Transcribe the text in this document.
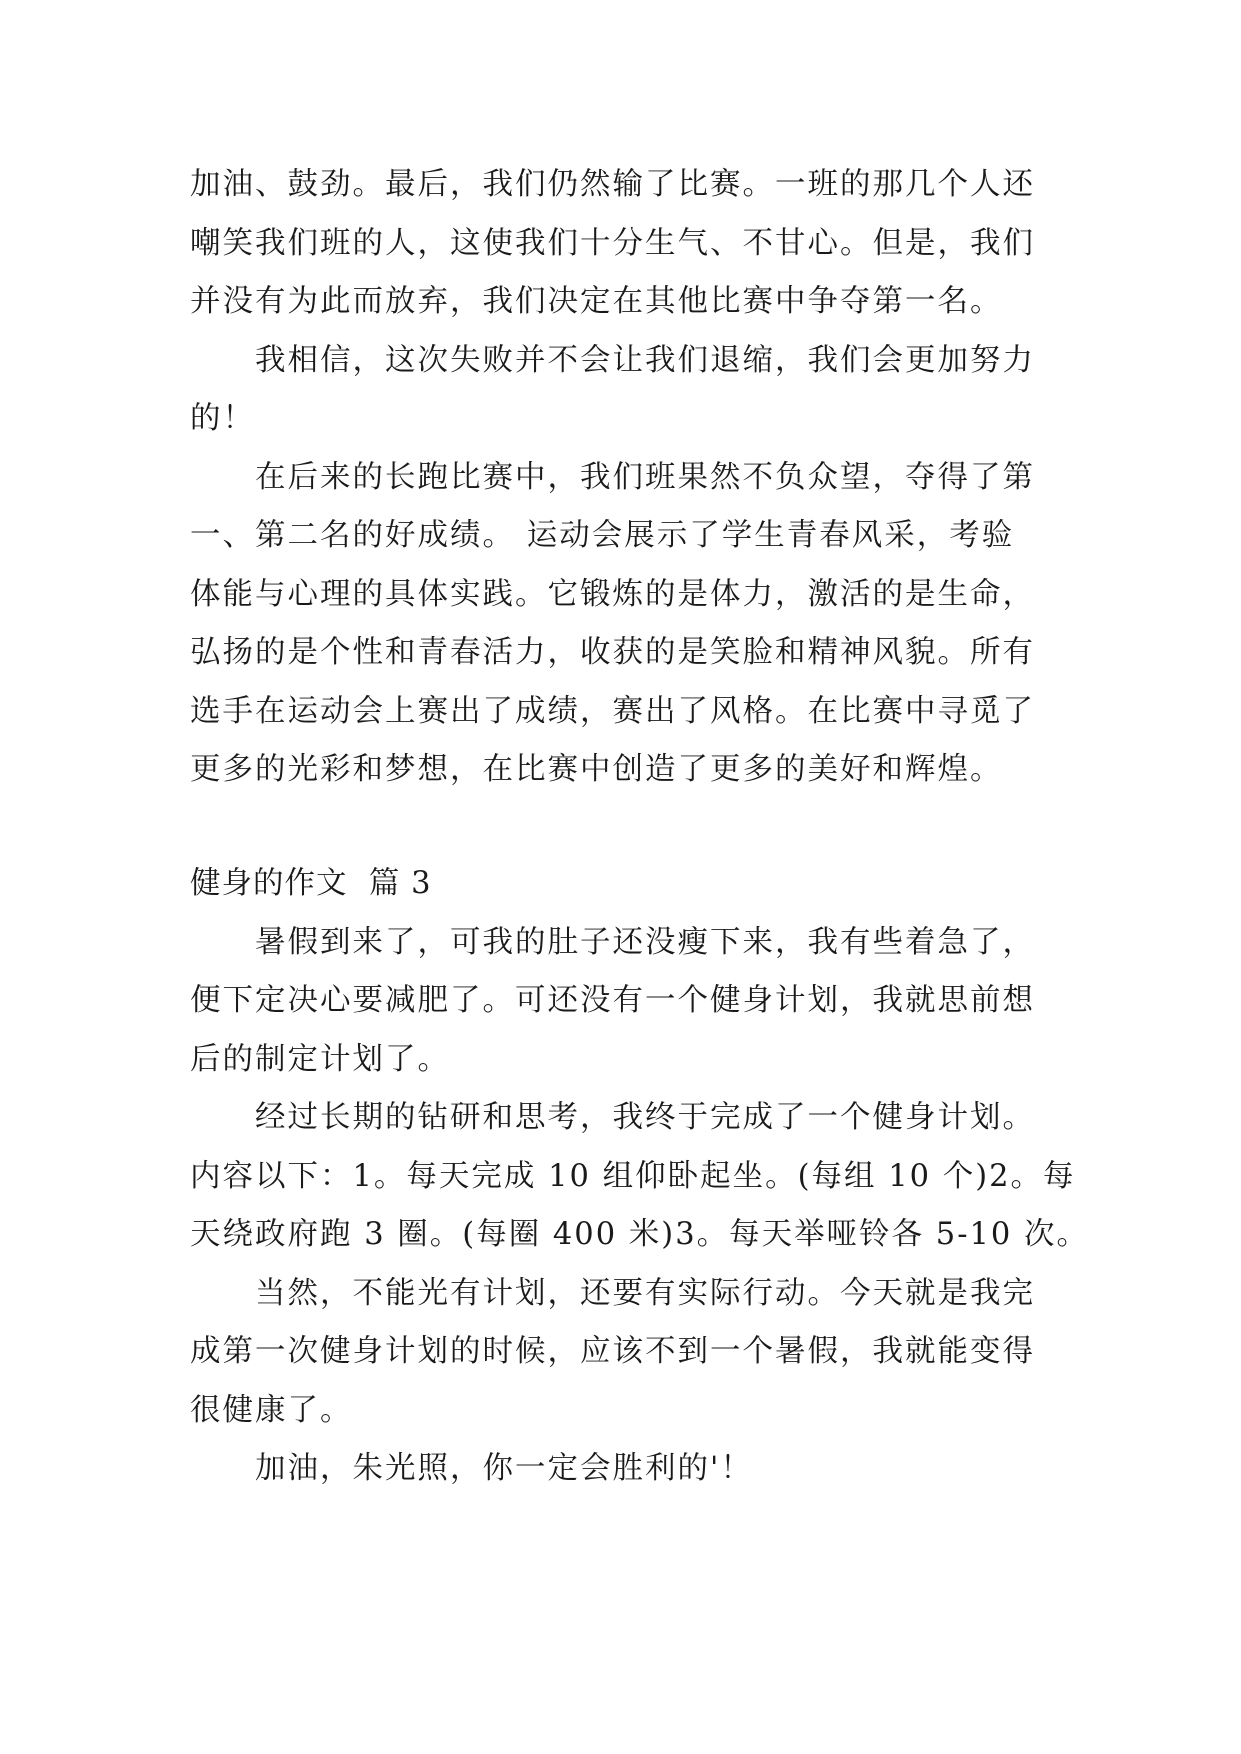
加油、鼓劲。最后，我们仍然输了比赛。一班的那几个人还
嘲笑我们班的人，这使我们十分生气、不甘心。但是，我们
并没有为此而放弃，我们决定在其他比赛中争夺第一名。
　　我相信，这次失败并不会让我们退缩，我们会更加努力
的！
　　在后来的长跑比赛中，我们班果然不负众望，夺得了第
一、第二名的好成绩。 运动会展示了学生青春风采，考验
体能与心理的具体实践。它锻炼的是体力，激活的是生命，
弘扬的是个性和青春活力，收获的是笑脸和精神风貌。所有
选手在运动会上赛出了成绩，赛出了风格。在比赛中寻觅了
更多的光彩和梦想，在比赛中创造了更多的美好和辉煌。
健身的作文  篇 3
　　暑假到来了，可我的肚子还没瘦下来，我有些着急了，
便下定决心要减肥了。可还没有一个健身计划，我就思前想
后的制定计划了。
　　经过长期的钻研和思考，我终于完成了一个健身计划。
内容以下：1。每天完成 10 组仰卧起坐。(每组 10 个)2。每
天绕政府跑 3 圈。(每圈 400 米)3。每天举哑铃各 5-10 次。
　　当然，不能光有计划，还要有实际行动。今天就是我完
成第一次健身计划的时候，应该不到一个暑假，我就能变得
很健康了。
　　加油，朱光照，你一定会胜利的'！
